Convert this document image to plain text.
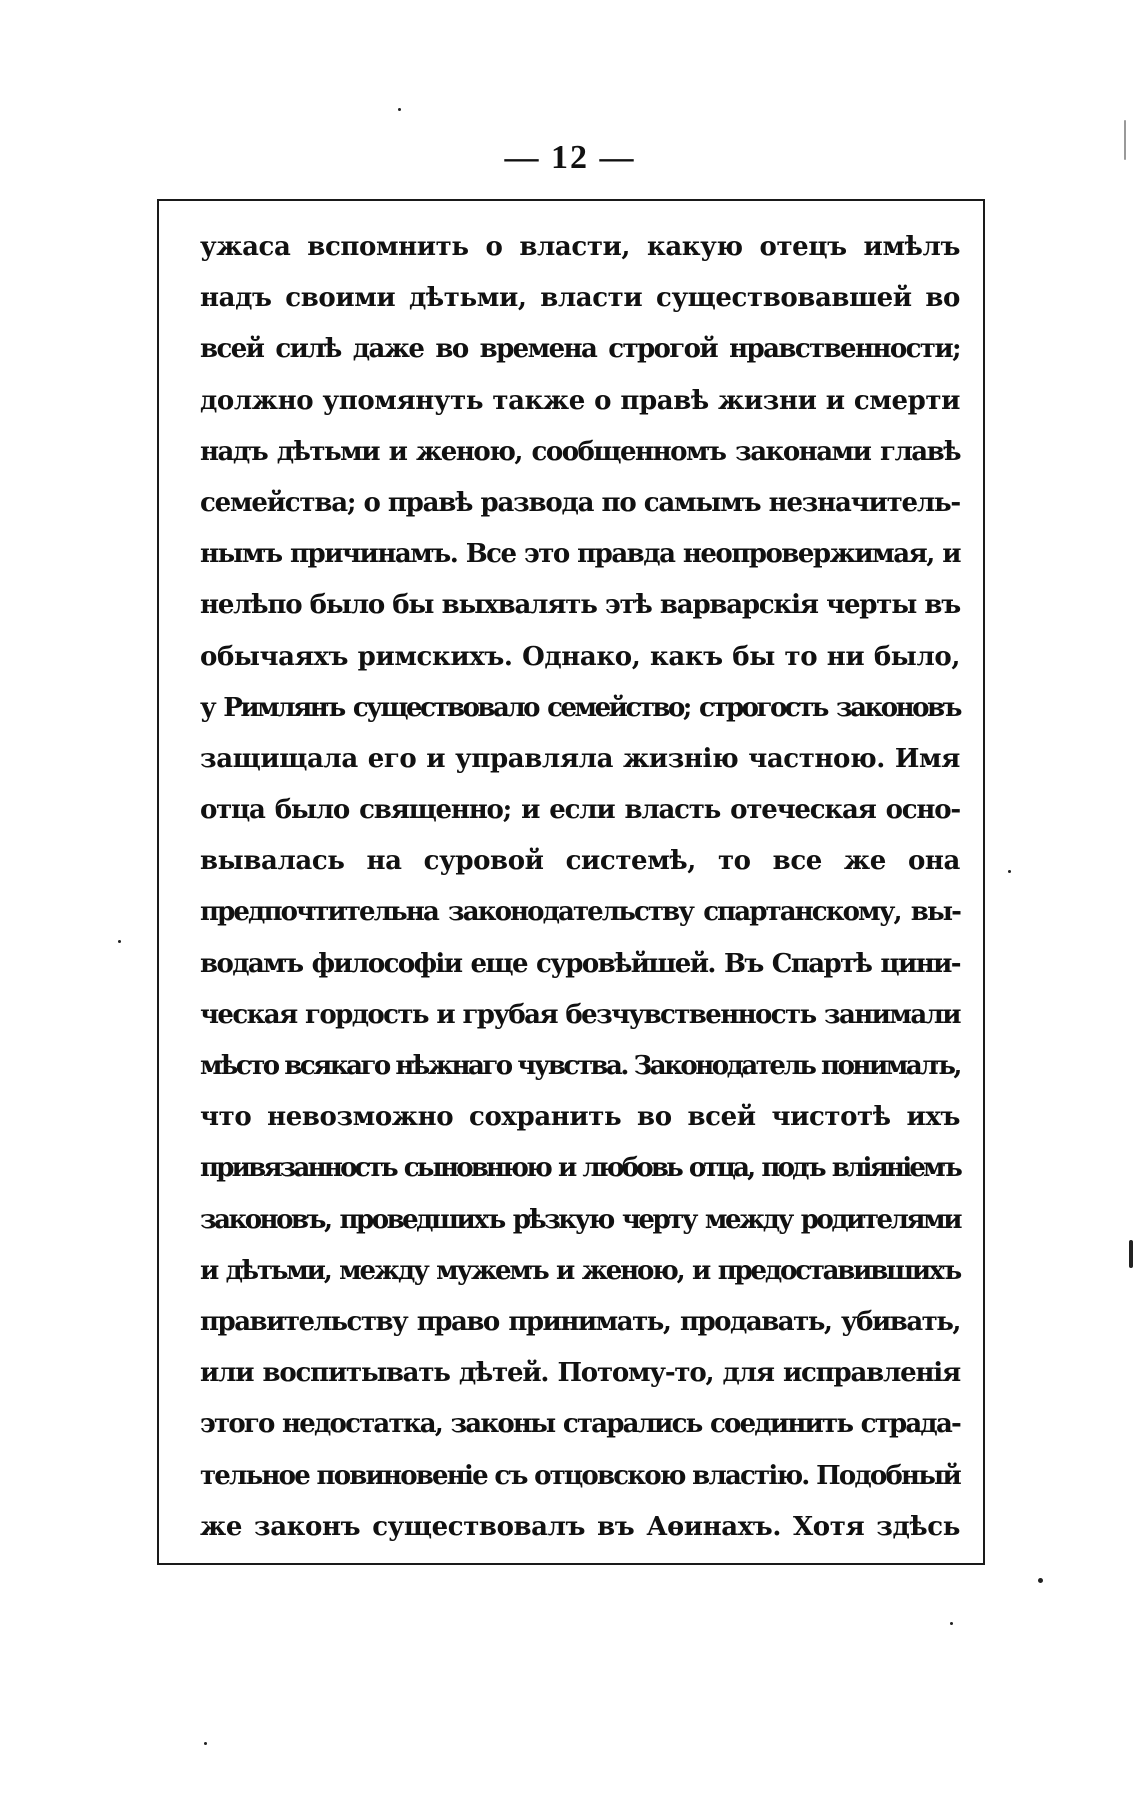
— 12 —
ужаса вспомнить о власти, какую отецъ имѣлъ
надъ своими дѣтьми, власти существовавшей во
всей силѣ даже во времена строгой нравственности;
должно упомянуть также о правѣ жизни и смерти
надъ дѣтьми и женою, сообщенномъ законами главѣ
семейства; о правѣ развода по самымъ незначитель-
нымъ причинамъ. Все это правда неопровержимая, и
нелѣпо было бы выхвалять этѣ варварскія черты въ
обычаяхъ римскихъ. Однако, какъ бы то ни было,
у Римлянъ существовало семейство; строгость законовъ
защищала его и управляла жизнію частною. Имя
отца было священно; и если власть отеческая осно-
вывалась на суровой системѣ, то все же она
предпочтительна законодательству спартанскому, вы-
водамъ философіи еще суровѣйшей. Въ Спартѣ цини-
ческая гордость и грубая безчувственность занимали
мѣсто всякаго нѣжнаго чувства. Законодатель понималъ,
что невозможно сохранить во всей чистотѣ ихъ
привязанность сыновнюю и любовь отца, подъ вліяніемъ
законовъ, проведшихъ рѣзкую черту между родителями
и дѣтьми, между мужемъ и женою, и предоставившихъ
правительству право принимать, продавать, убивать,
или воспитывать дѣтей. Потому-то, для исправленія
этого недостатка, законы старались соединить страда-
тельное повиновеніе съ отцовскою властію. Подобный
же законъ существовалъ въ Аѳинахъ. Хотя здѣсь
